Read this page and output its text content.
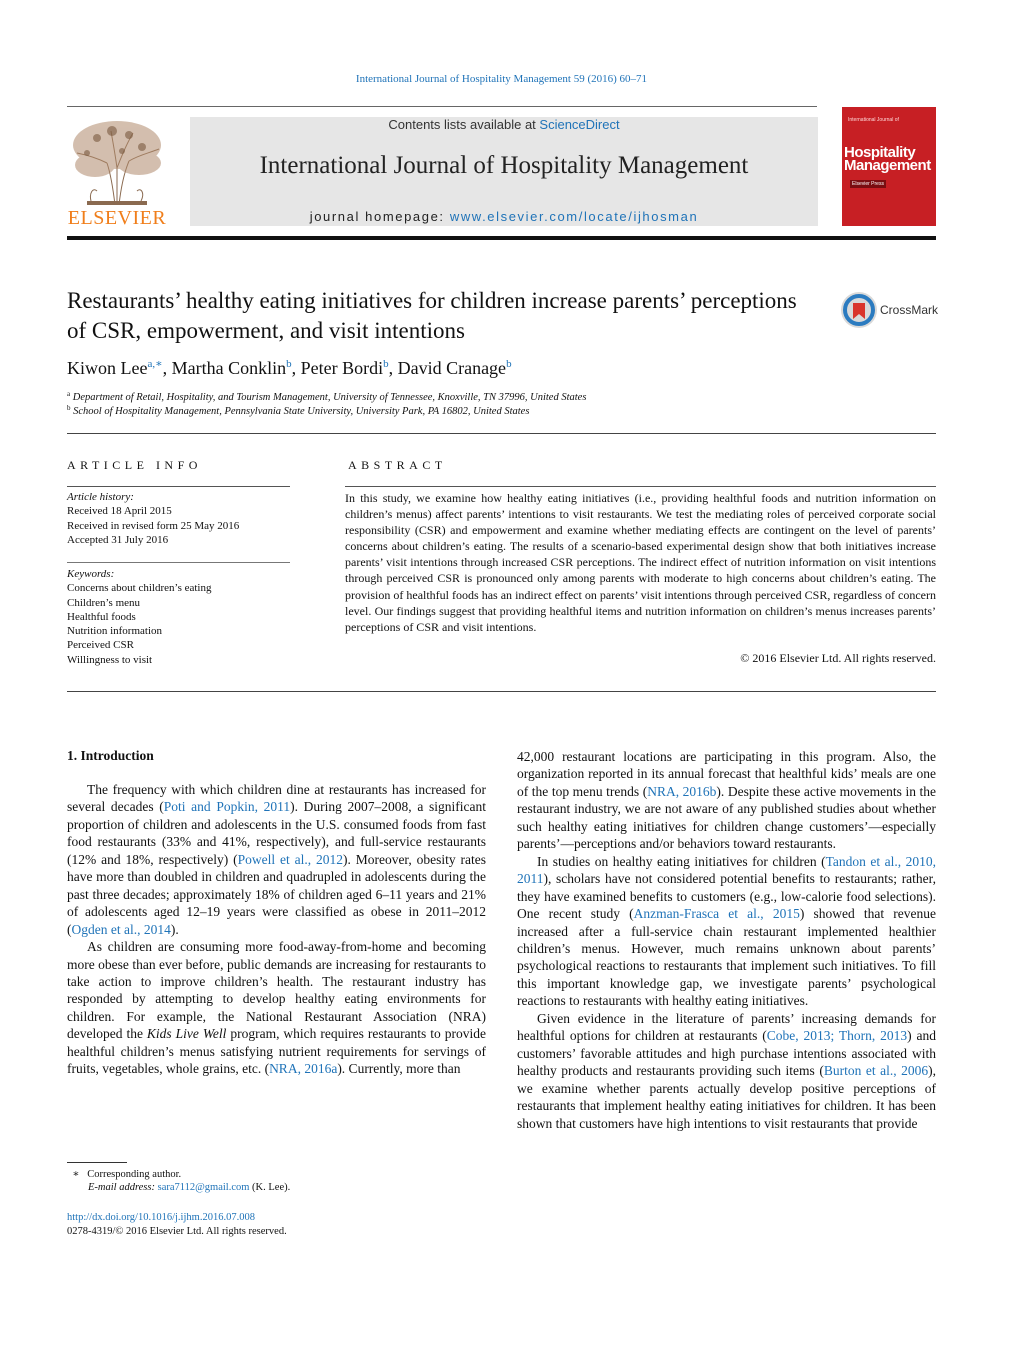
International Journal of Hospitality Management 59 (2016) 60–71
ELSEVIER
Contents lists available at ScienceDirect
International Journal of Hospitality Management
journal homepage: www.elsevier.com/locate/ijhosman
International Journal of
Hospitality Management
Elsevier Press
Restaurants’ healthy eating initiatives for children increase parents’ perceptions of CSR, empowerment, and visit intentions
CrossMark
Kiwon Lee$^{a,∗}$, Martha Conklin$^b$, Peter Bordi$^b$, David Cranage$^b$
$^a$ Department of Retail, Hospitality, and Tourism Management, University of Tennessee, Knoxville, TN 37996, United States
$^b$ School of Hospitality Management, Pennsylvania State University, University Park, PA 16802, United States
ARTICLE INFO	ABSTRACT
Article history:
Received 18 April 2015
Received in revised form 25 May 2016
Accepted 31 July 2016
Keywords:
Concerns about children’s eating
Children’s menu
Healthful foods
Nutrition information
Perceived CSR
Willingness to visit
In this study, we examine how healthy eating initiatives (i.e., providing healthful foods and nutrition information on children’s menus) affect parents’ intentions to visit restaurants. We test the mediating roles of perceived corporate social responsibility (CSR) and empowerment and examine whether mediating effects are contingent on the level of parents’ concerns about children’s eating. The results of a scenario-based experimental design show that both initiatives increase parents’ visit intentions through increased CSR perceptions. The indirect effect of nutrition information on visit intentions through perceived CSR is pronounced only among parents with moderate to high concerns about children’s eating. The provision of healthful foods has an indirect effect on parents’ visit intentions through perceived CSR, regardless of concern level. Our findings suggest that providing healthful items and nutrition information on children’s menus increases parents’ perceptions of CSR and visit intentions.
© 2016 Elsevier Ltd. All rights reserved.
1. Introduction

The frequency with which children dine at restaurants has increased for several decades (Poti and Popkin, 2011). During 2007–2008, a significant proportion of children and adolescents in the U.S. consumed foods from fast food restaurants (33% and 41%, respectively), and full-service restaurants (12% and 18%, respectively) (Powell et al., 2012). Moreover, obesity rates have more than doubled in children and quadrupled in adolescents during the past three decades; approximately 18% of children aged 6–11 years and 21% of adolescents aged 12–19 years were classified as obese in 2011–2012 (Ogden et al., 2014).

As children are consuming more food-away-from-home and becoming more obese than ever before, public demands are increasing for restaurants to take action to improve children’s health. The restaurant industry has responded by attempting to develop healthy eating environments for children. For example, the National Restaurant Association (NRA) developed the Kids Live Well program, which requires restaurants to provide healthful children’s menus satisfying nutrient requirements for servings of fruits, vegetables, whole grains, etc. (NRA, 2016a). Currently, more than

42,000 restaurant locations are participating in this program. Also, the organization reported in its annual forecast that healthful kids’ meals are one of the top menu trends (NRA, 2016b). Despite these active movements in the restaurant industry, we are not aware of any published studies about whether such healthy eating initiatives for children change customers’—especially parents’—perceptions and/or behaviors toward restaurants.

In studies on healthy eating initiatives for children (Tandon et al., 2010, 2011), scholars have not considered potential benefits to restaurants; rather, they have examined benefits to customers (e.g., low-calorie food selections). One recent study (Anzman-Frasca et al., 2015) showed that revenue increased after a full-service chain restaurant implemented healthier children’s menus. However, much remains unknown about parents’ psychological reactions to restaurants that implement such initiatives. To fill this important knowledge gap, we investigate parents’ psychological reactions to restaurants with healthy eating initiatives.

Given evidence in the literature of parents’ increasing demands for healthful options for children at restaurants (Cobe, 2013; Thorn, 2013) and customers’ favorable attitudes and high purchase intentions associated with healthy products and restaurants providing such items (Burton et al., 2006), we examine whether parents actually develop positive perceptions of restaurants that implement healthy eating initiatives for children. It has been shown that customers have high intentions to visit restaurants that provide

∗ Corresponding author.
E-mail address: sara7112@gmail.com (K. Lee).
http://dx.doi.org/10.1016/j.ijhm.2016.07.008
0278-4319/© 2016 Elsevier Ltd. All rights reserved.
